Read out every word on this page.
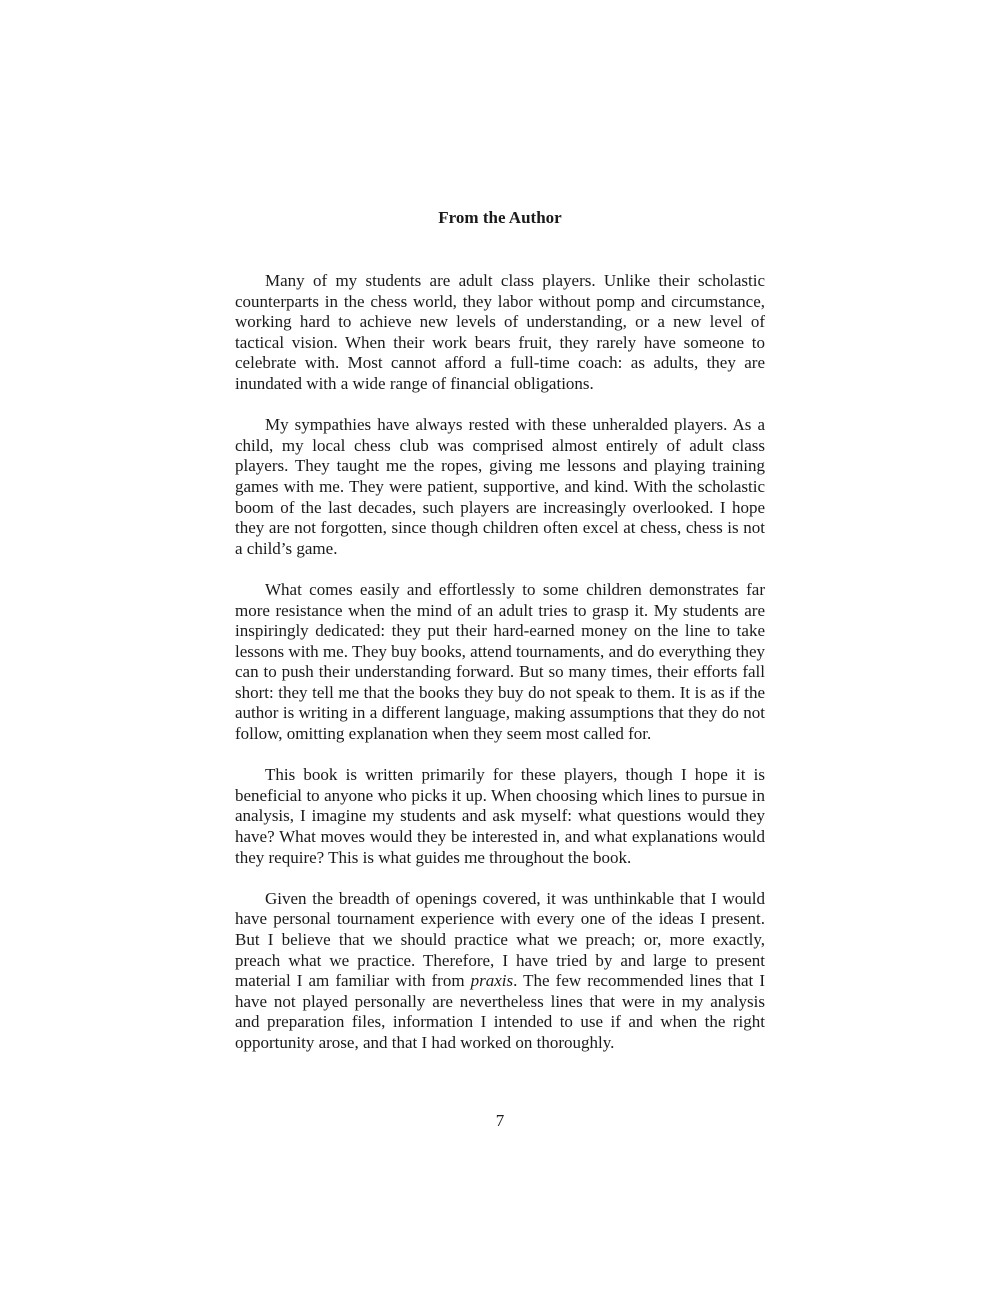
From the Author

Many of my students are adult class players. Unlike their scholastic counterparts in the chess world, they labor without pomp and circumstance, working hard to achieve new levels of understanding, or a new level of tactical vision. When their work bears fruit, they rarely have someone to celebrate with. Most cannot afford a full-time coach: as adults, they are inundated with a wide range of financial obligations.

My sympathies have always rested with these unheralded players. As a child, my local chess club was comprised almost entirely of adult class players. They taught me the ropes, giving me lessons and playing training games with me. They were patient, supportive, and kind. With the scholastic boom of the last decades, such players are increasingly overlooked. I hope they are not forgotten, since though children often excel at chess, chess is not a child’s game.

What comes easily and effortlessly to some children demonstrates far more resistance when the mind of an adult tries to grasp it. My students are inspiringly dedicated: they put their hard-earned money on the line to take lessons with me. They buy books, attend tournaments, and do everything they can to push their understanding forward. But so many times, their efforts fall short: they tell me that the books they buy do not speak to them. It is as if the author is writing in a different language, making assumptions that they do not follow, omitting explanation when they seem most called for.

This book is written primarily for these players, though I hope it is beneficial to anyone who picks it up. When choosing which lines to pursue in analysis, I imagine my students and ask myself: what questions would they have? What moves would they be interested in, and what explanations would they require? This is what guides me throughout the book.

Given the breadth of openings covered, it was unthinkable that I would have personal tournament experience with every one of the ideas I present. But I believe that we should practice what we preach; or, more exactly, preach what we practice. Therefore, I have tried by and large to present material I am familiar with from praxis. The few recommended lines that I have not played personally are nevertheless lines that were in my analysis and preparation files, information I intended to use if and when the right opportunity arose, and that I had worked on thoroughly.

7
